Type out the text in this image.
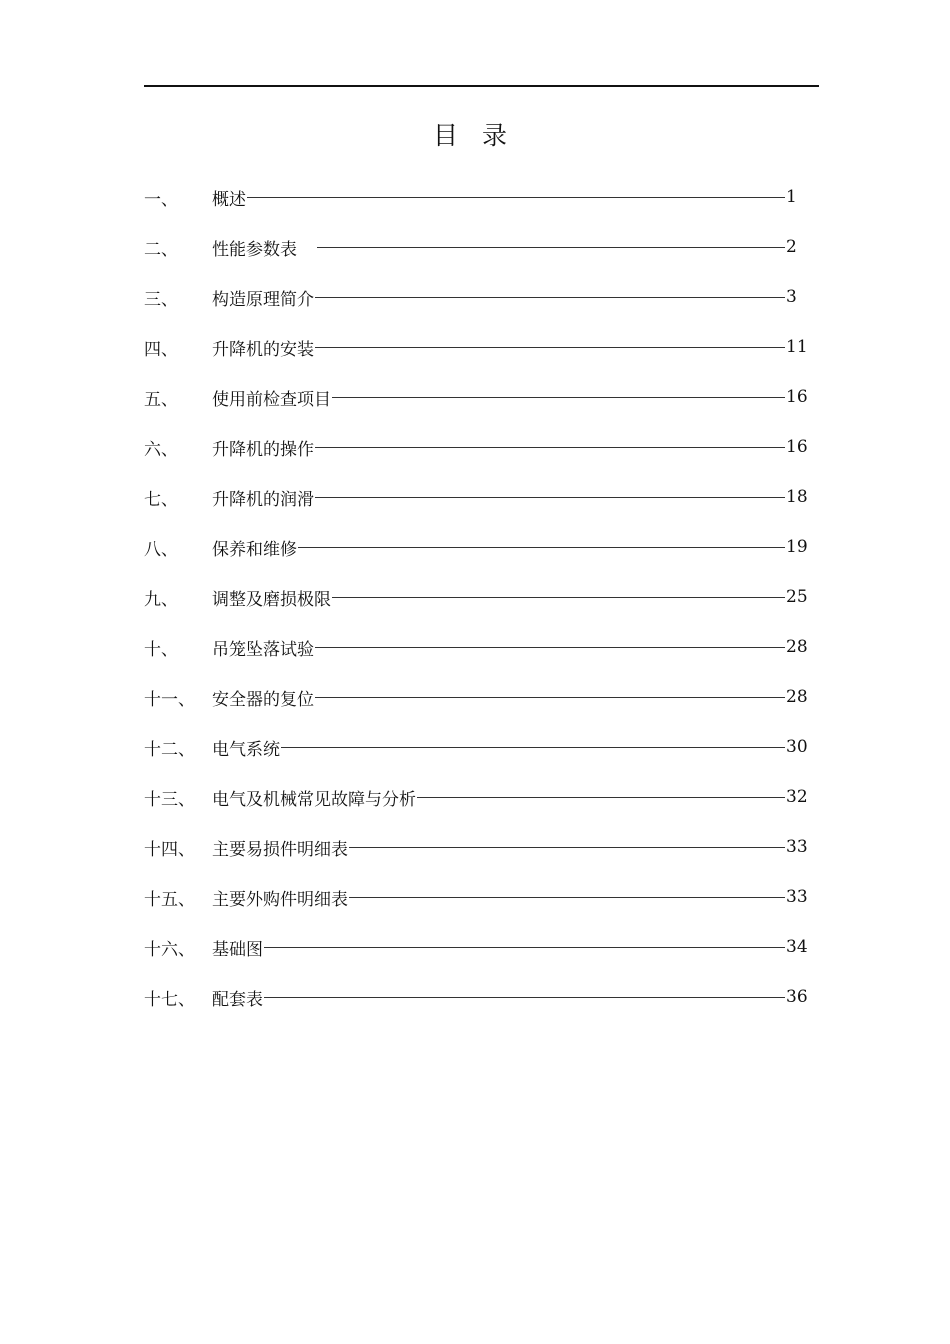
目录
一、	概述	1
二、	性能参数表	2
三、	构造原理简介	3
四、	升降机的安装	11
五、	使用前检查项目	16
六、	升降机的操作	16
七、	升降机的润滑	18
八、	保养和维修	19
九、	调整及磨损极限	25
十、	吊笼坠落试验	28
十一、	安全器的复位	28
十二、	电气系统	30
十三、	电气及机械常见故障与分析	32
十四、	主要易损件明细表	33
十五、	主要外购件明细表	33
十六、	基础图	34
十七、	配套表	36
